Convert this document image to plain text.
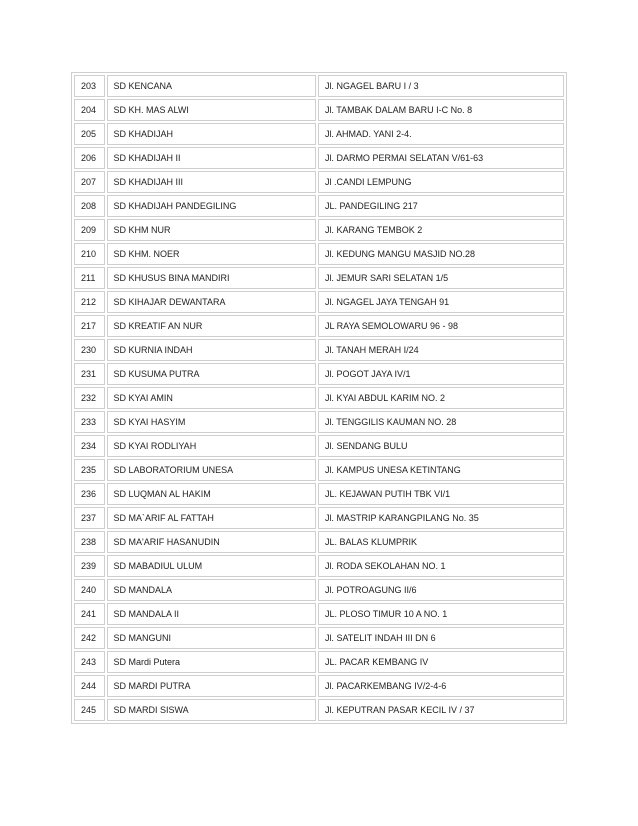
203	SD KENCANA	Jl. NGAGEL BARU I / 3
204	SD KH. MAS ALWI	Jl. TAMBAK DALAM BARU I-C No. 8
205	SD KHADIJAH	Jl. AHMAD. YANI 2-4.
206	SD KHADIJAH II	Jl. DARMO PERMAI SELATAN V/61-63
207	SD KHADIJAH III	Jl .CANDI LEMPUNG
208	SD KHADIJAH PANDEGILING	JL. PANDEGILING 217
209	SD KHM NUR	Jl. KARANG TEMBOK 2
210	SD KHM. NOER	Jl. KEDUNG MANGU MASJID NO.28
211	SD KHUSUS BINA MANDIRI	Jl. JEMUR SARI SELATAN 1/5
212	SD KIHAJAR DEWANTARA	Jl. NGAGEL JAYA TENGAH 91
217	SD KREATIF AN NUR	JL RAYA SEMOLOWARU 96 - 98
230	SD KURNIA INDAH	Jl. TANAH MERAH I/24
231	SD KUSUMA PUTRA	Jl. POGOT JAYA IV/1
232	SD KYAI AMIN	Jl. KYAI ABDUL KARIM NO. 2
233	SD KYAI HASYIM	Jl. TENGGILIS KAUMAN NO. 28
234	SD KYAI RODLIYAH	Jl. SENDANG BULU
235	SD LABORATORIUM UNESA	Jl. KAMPUS UNESA KETINTANG
236	SD LUQMAN AL HAKIM	JL. KEJAWAN PUTIH TBK VI/1
237	SD MA`ARIF AL FATTAH	Jl. MASTRIP KARANGPILANG No. 35
238	SD MA'ARIF HASANUDIN	JL. BALAS KLUMPRIK
239	SD MABADIUL ULUM	Jl. RODA SEKOLAHAN NO. 1
240	SD MANDALA	Jl. POTROAGUNG II/6
241	SD MANDALA II	JL. PLOSO TIMUR 10 A NO. 1
242	SD MANGUNI	Jl. SATELIT INDAH III DN 6
243	SD Mardi Putera	JL. PACAR KEMBANG IV
244	SD MARDI PUTRA	Jl. PACARKEMBANG IV/2-4-6
245	SD MARDI SISWA	Jl. KEPUTRAN PASAR KECIL IV / 37
